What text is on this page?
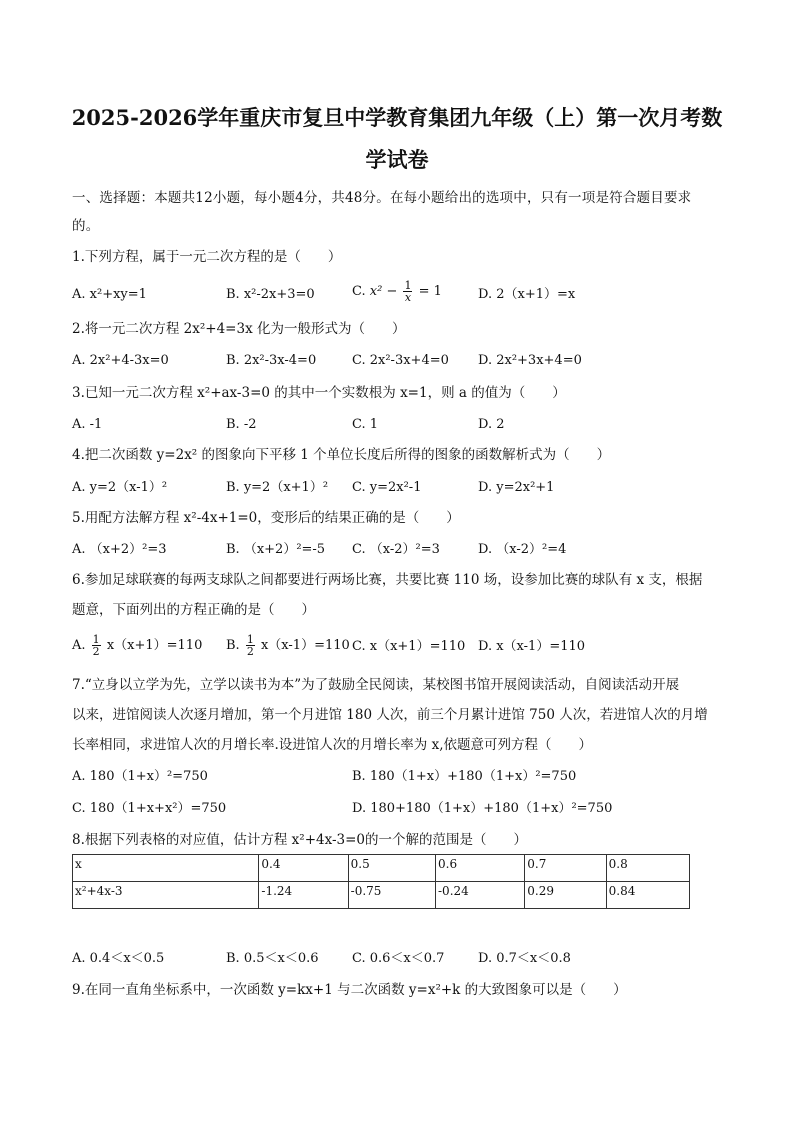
2025-2026学年重庆市复旦中学教育集团九年级（上）第一次月考数
学试卷
一、选择题：本题共12小题，每小题4分，共48分。在每小题给出的选项中，只有一项是符合题目要求
的。
1.下列方程，属于一元二次方程的是（　　）
A. x²+xy=1	B. x²-2x+3=0	C. $x^2 - \frac{1}{x} = 1$	D. 2（x+1）=x
2.将一元二次方程 2x²+4=3x 化为一般形式为（　　）
A. 2x²+4-3x=0	B. 2x²-3x-4=0	C. 2x²-3x+4=0 D. 2x²+3x+4=0
3.已知一元二次方程 x²+ax-3=0 的其中一个实数根为 x=1，则 a 的值为（　　）
A. -1	B. -2	C. 1	D. 2
4.把二次函数 y=2x² 的图象向下平移 1 个单位长度后所得的图象的函数解析式为（　　）
A. y=2（x-1）²	B. y=2（x+1）² C. y=2x²-1	D. y=2x²+1
5.用配方法解方程 x²-4x+1=0，变形后的结果正确的是（　　）
A. （x+2）²=3	B. （x+2）²=-5 C. （x-2）²=3	D. （x-2）²=4
6.参加足球联赛的每两支球队之间都要进行两场比赛，共要比赛 110 场，设参加比赛的球队有 x 支，根据
题意，下面列出的方程正确的是（　　）
A. $\frac{1}{2} x(x+1)=110$ B. $\frac{1}{2} x(x-1)=110$ C. x（x+1）=110 D. x（x-1）=110
7.“立身以立学为先，立学以读书为本”为了鼓励全民阅读，某校图书馆开展阅读活动，自阅读活动开展
以来，进馆阅读人次逐月增加，第一个月进馆 180 人次，前三个月累计进馆 750 人次，若进馆人次的月增
长率相同，求进馆人次的月增长率.设进馆人次的月增长率为 x,依题意可列方程（　　）
A. 180（1+x）²=750	B. 180（1+x）+180（1+x）²=750
C. 180（1+x+x²）=750	D. 180+180（1+x）+180（1+x）²=750
8.根据下列表格的对应值，估计方程 x²+4x-3=0的一个解的范围是（　　）
x	0.4	0.5	0.6	0.7	0.8
x²+4x-3	-1.24	-0.75	-0.24	0.29	0.84
A. 0.4＜x＜0.5	B. 0.5＜x＜0.6	C. 0.6＜x＜0.7	D. 0.7＜x＜0.8
9.在同一直角坐标系中，一次函数 y=kx+1 与二次函数 y=x²+k 的大致图象可以是（　　）
